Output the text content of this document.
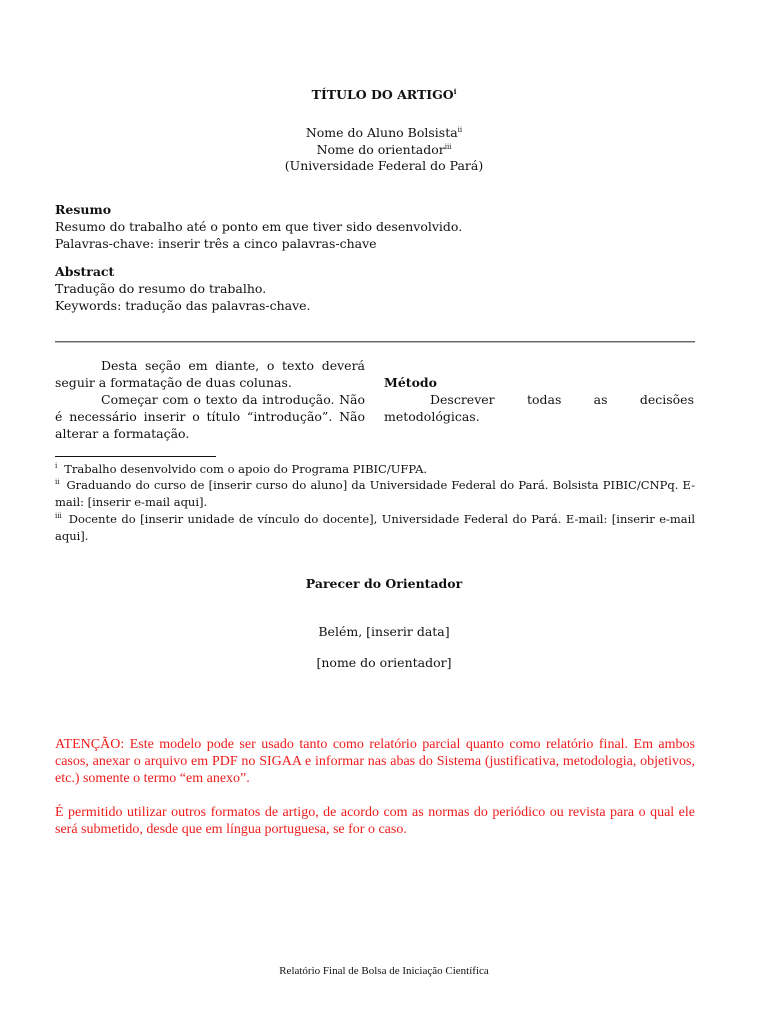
TÍTULO DO ARTIGO$^i$
Nome do Aluno Bolsista$^{ii}$
Nome do orientador$^{iii}$
(Universidade Federal do Pará)
Resumo
Resumo do trabalho até o ponto em que tiver sido desenvolvido.
Palavras-chave: inserir três a cinco palavras-chave
Abstract
Tradução do resumo do trabalho.
Keywords: tradução das palavras-chave.
Desta seção em diante, o texto deverá seguir a formatação de duas colunas.
Começar com o texto da introdução. Não é necessário inserir o título “introdução”. Não alterar a formatação.
Método
Descrever	todas	as	decisões
metodológicas.
$^i$ Trabalho desenvolvido com o apoio do Programa PIBIC/UFPA.
$^{ii}$ Graduando do curso de [inserir curso do aluno] da Universidade Federal do Pará. Bolsista PIBIC/CNPq. E-mail: [inserir e-mail aqui].
$^{iii}$ Docente do [inserir unidade de vínculo do docente], Universidade Federal do Pará. E-mail: [inserir e-mail aqui].
Parecer do Orientador
Belém, [inserir data]
[nome do orientador]
ATENÇÃO: Este modelo pode ser usado tanto como relatório parcial quanto como relatório final. Em ambos casos, anexar o arquivo em PDF no SIGAA e informar nas abas do Sistema (justificativa, metodologia, objetivos, etc.) somente o termo “em anexo”.
É permitido utilizar outros formatos de artigo, de acordo com as normas do periódico ou revista para o qual ele será submetido, desde que em língua portuguesa, se for o caso.
Relatório Final de Bolsa de Iniciação Científica
